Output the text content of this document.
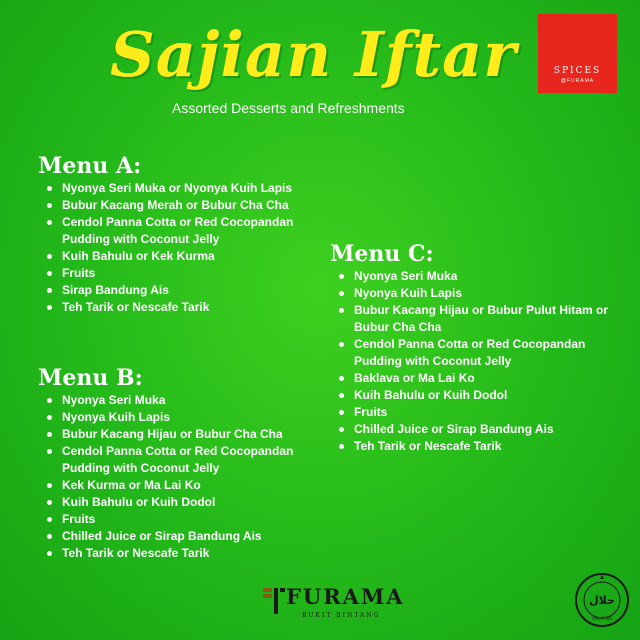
Sajian Iftar
Assorted Desserts and Refreshments
SPICES
@FURAMA
Menu A:
Nyonya Seri Muka or Nyonya Kuih Lapis
Bubur Kacang Merah or Bubur Cha Cha
Cendol Panna Cotta or Red Cocopandan Pudding with Coconut Jelly
Kuih Bahulu or Kek Kurma
Fruits
Sirap Bandung Ais
Teh Tarik or Nescafe Tarik
Menu B:
Nyonya Seri Muka
Nyonya Kuih Lapis
Bubur Kacang Hijau or Bubur Cha Cha
Cendol Panna Cotta or Red Cocopandan Pudding with Coconut Jelly
Kek Kurma or Ma Lai Ko
Kuih Bahulu or Kuih Dodol
Fruits
Chilled Juice or Sirap Bandung Ais
Teh Tarik or Nescafe Tarik
Menu C:
Nyonya Seri Muka
Nyonya Kuih Lapis
Bubur Kacang Hijau or Bubur Pulut Hitam or Bubur Cha Cha
Cendol Panna Cotta or Red Cocopandan Pudding with Coconut Jelly
Baklava or Ma Lai Ko
Kuih Bahulu or Kuih Dodol
Fruits
Chilled Juice or Sirap Bandung Ais
Teh Tarik or Nescafe Tarik
FURAMA
BUKIT BINTANG
حلال
MALAYSIA
